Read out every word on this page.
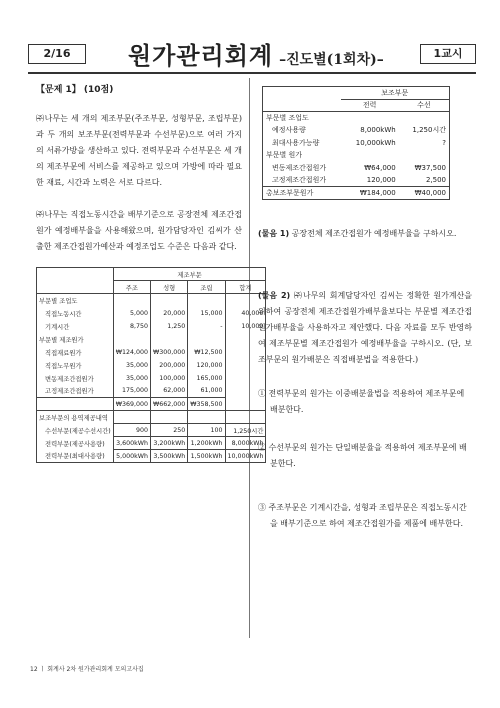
2/16	원가관리회계 –진도별(1회차)–	1교시
【문제 1】 (10점)

㈜나무는 세 개의 제조부문(주조부문, 성형부문, 조립부문)과 두 개의 보조부문(전력부문과 수선부문)으로 여러 가지의 서류가방을 생산하고 있다. 전력부문과 수선부문은 세 개의 제조부문에 서비스를 제공하고 있으며 가방에 따라 필요한 재료, 시간과 노력은 서로 다르다.

㈜나무는 직접노동시간을 배부기준으로 공장전체 제조간접원가 예정배부율을 사용해왔으며, 원가담당자인 김씨가 산출한 제조간접원가예산과 예정조업도 수준은 다음과 같다.

	제조부문			
	주조	성형	조립	합계
부문별 조업도				
직접노동시간	5,000	20,000	15,000	40,000
기계시간	8,750	1,250	-	10,000
부문별 제조원가				
직접재료원가	₩124,000	₩300,000	₩12,500	
직접노무원가	35,000	200,000	120,000	
변동제조간접원가	35,000	100,000	165,000	
고정제조간접원가	175,000	62,000	61,000	
	₩369,000	₩662,000	₩358,500	
보조부문의 용역제공내역				
수선부문(제공수선시간)	900	250	100	1,250시간
전력부문(제공사용량)	3,600kWh	3,200kWh	1,200kWh	8,000kWh
전력부문(최대사용량)	5,000kWh	3,500kWh	1,500kWh	10,000kWh
	보조부문	
	전력	수선
부문별 조업도		
예정사용량	8,000kWh	1,250시간
최대사용가능량	10,000kWh	?
부문별 원가		
변동제조간접원가	₩64,000	₩37,500
고정제조간접원가	120,000	2,500
총보조부문원가	₩184,000	₩40,000

(물음 1) 공장전체 제조간접원가 예정배부율을 구하시오.

(물음 2) ㈜나무의 회계담당자인 김씨는 정확한 원가계산을 위하여 공장전체 제조간접원가배부율보다는 부문별 제조간접원가배부율을 사용하자고 제안했다. 다음 자료를 모두 반영하여 제조부문별 제조간접원가 예정배부율을 구하시오. (단, 보조부문의 원가배분은 직접배분법을 적용한다.)

① 전력부문의 원가는 이중배분율법을 적용하여 제조부문에 배분한다.

② 수선부문의 원가는 단일배분율을 적용하여 제조부문에 배분한다.

③ 주조부문은 기계시간을, 성형과 조립부문은 직접노동시간을 배부기준으로 하여 제조간접원가를 제품에 배부한다.

12 ㅣ 회계사 2차 원가관리회계 모의고사집
